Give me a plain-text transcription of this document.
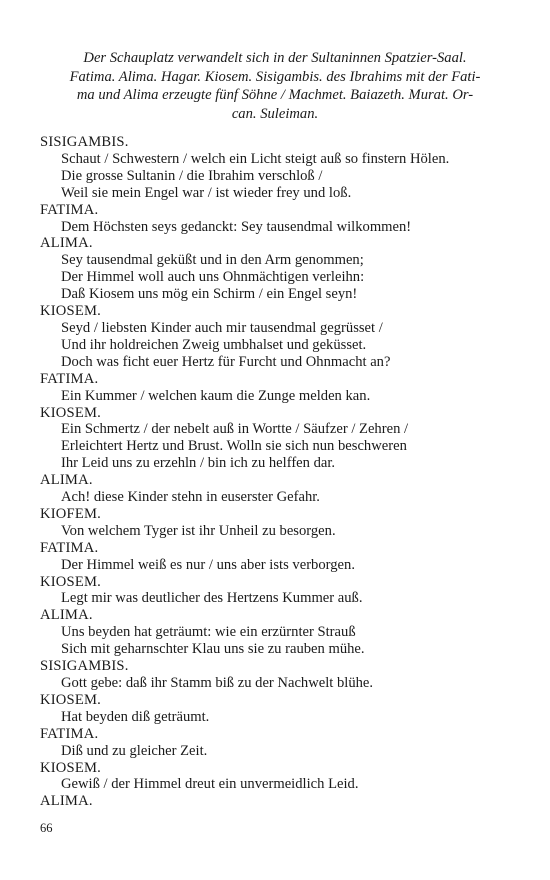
Der Schauplatz verwandelt sich in der Sultaninnen Spatzier-Saal.
Fatima. Alima. Hagar. Kiosem. Sisigambis. des Ibrahims mit der Fati-
ma und Alima erzeugte fünf Söhne / Machmet. Baiazeth. Murat. Or-
can. Suleiman.

SISIGAMBIS.
Schaut / Schwestern / welch ein Licht steigt auß so finstern Hölen.
Die grosse Sultanin / die Ibrahim verschloß /
Weil sie mein Engel war / ist wieder frey und loß.
FATIMA.
Dem Höchsten seys gedanckt: Sey tausendmal wilkommen!
ALIMA.
Sey tausendmal geküßt und in den Arm genommen;
Der Himmel woll auch uns Ohnmächtigen verleihn:
Daß Kiosem uns mög ein Schirm / ein Engel seyn!
KIOSEM.
Seyd / liebsten Kinder auch mir tausendmal gegrüsset /
Und ihr holdreichen Zweig umbhalset und geküsset.
Doch was ficht euer Hertz für Furcht und Ohnmacht an?
FATIMA.
Ein Kummer / welchen kaum die Zunge melden kan.
KIOSEM.
Ein Schmertz / der nebelt auß in Wortte / Säufzer / Zehren /
Erleichtert Hertz und Brust. Wolln sie sich nun beschweren
Ihr Leid uns zu erzehln / bin ich zu helffen dar.
ALIMA.
Ach! diese Kinder stehn in euserster Gefahr.
KIOFEM.
Von welchem Tyger ist ihr Unheil zu besorgen.
FATIMA.
Der Himmel weiß es nur / uns aber ists verborgen.
KIOSEM.
Legt mir was deutlicher des Hertzens Kummer auß.
ALIMA.
Uns beyden hat geträumt: wie ein erzürnter Strauß
Sich mit geharnschter Klau uns sie zu rauben mühe.
SISIGAMBIS.
Gott gebe: daß ihr Stamm biß zu der Nachwelt blühe.
KIOSEM.
Hat beyden diß geträumt.
FATIMA.
Diß und zu gleicher Zeit.
KIOSEM.
Gewiß / der Himmel dreut ein unvermeidlich Leid.
ALIMA.
66
